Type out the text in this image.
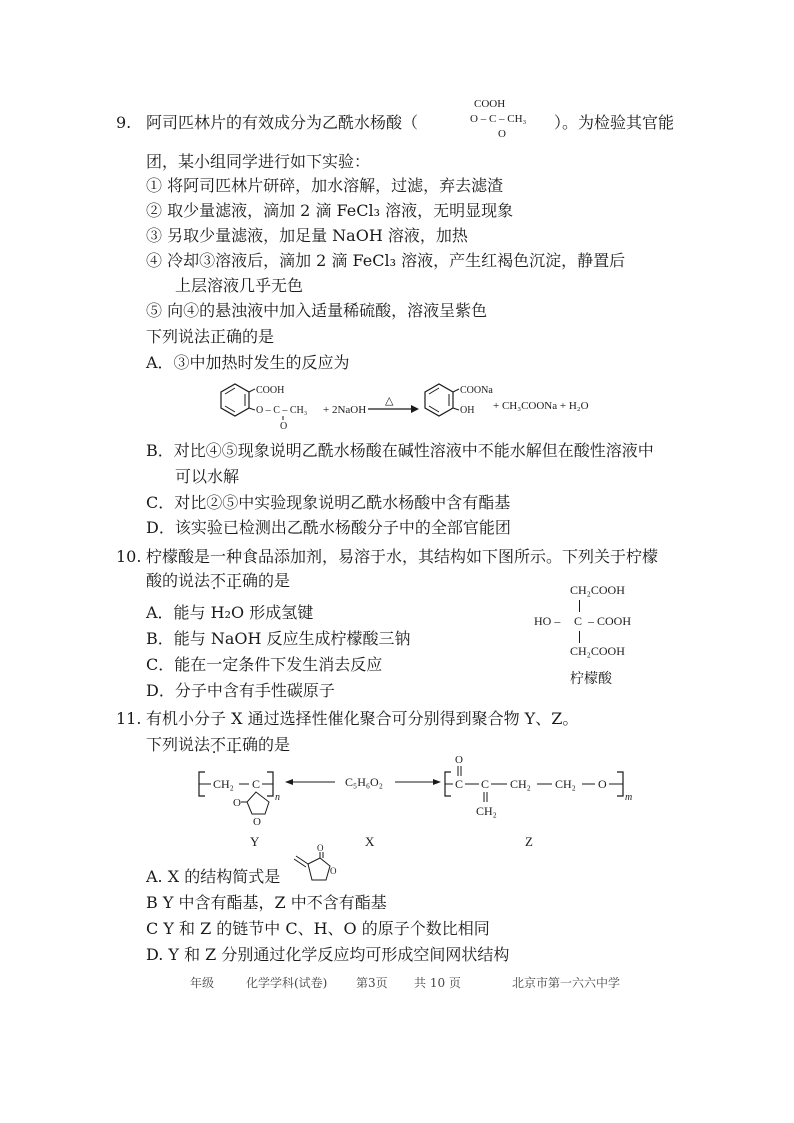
9. 阿司匹林片的有效成分为乙酰水杨酸（
COOH
O – C – CH₃
O
）。为检验其官能
团，某小组同学进行如下实验：
① 将阿司匹林片研碎，加水溶解，过滤，弃去滤渣
② 取少量滤液，滴加 2 滴 FeCl₃ 溶液，无明显现象
③ 另取少量滤液，加足量 NaOH 溶液，加热
④ 冷却③溶液后，滴加 2 滴 FeCl₃ 溶液，产生红褐色沉淀，静置后
上层溶液几乎无色
⑤ 向④的悬浊液中加入适量稀硫酸，溶液呈紫色
下列说法正确的是
A．③中加热时发生的反应为
COOH
O – C – CH₃
O
+ 2NaOH
△
COONa
OH + CH₃COONa + H₂O
B．对比④⑤现象说明乙酰水杨酸在碱性溶液中不能水解但在酸性溶液中
可以水解
C．对比②⑤中实验现象说明乙酰水杨酸中含有酯基
D．该实验已检测出乙酰水杨酸分子中的全部官能团
10. 柠檬酸是一种食品添加剂，易溶于水，其结构如下图所示。下列关于柠檬
酸的说法不正确 • •的是
A．能与 H₂O 形成氢键
B．能与 NaOH 反应生成柠檬酸三钠
C．能在一定条件下发生消去反应
D．分子中含有手性碳原子
CH₂COOH
HO – C – COOH
CH₂COOH
柠檬酸
11. 有机小分子 X 通过选择性催化聚合可分别得到聚合物 Y、Z。
下列说法不正确 • •的是
CH₂ C
n
O
O
C₅H₆O₂	C
O
C
CH₂
CH₂ CH₂ O
m
Y	X	Z
A. X 的结构简式是
O
O
B Y 中含有酯基，Z 中不含有酯基
C Y 和 Z 的链节中 C、H、O 的原子个数比相同
D. Y 和 Z 分别通过化学反应均可形成空间网状结构
年级	化学学科(试卷) 第3页 共 10 页	北京市第一六六中学
